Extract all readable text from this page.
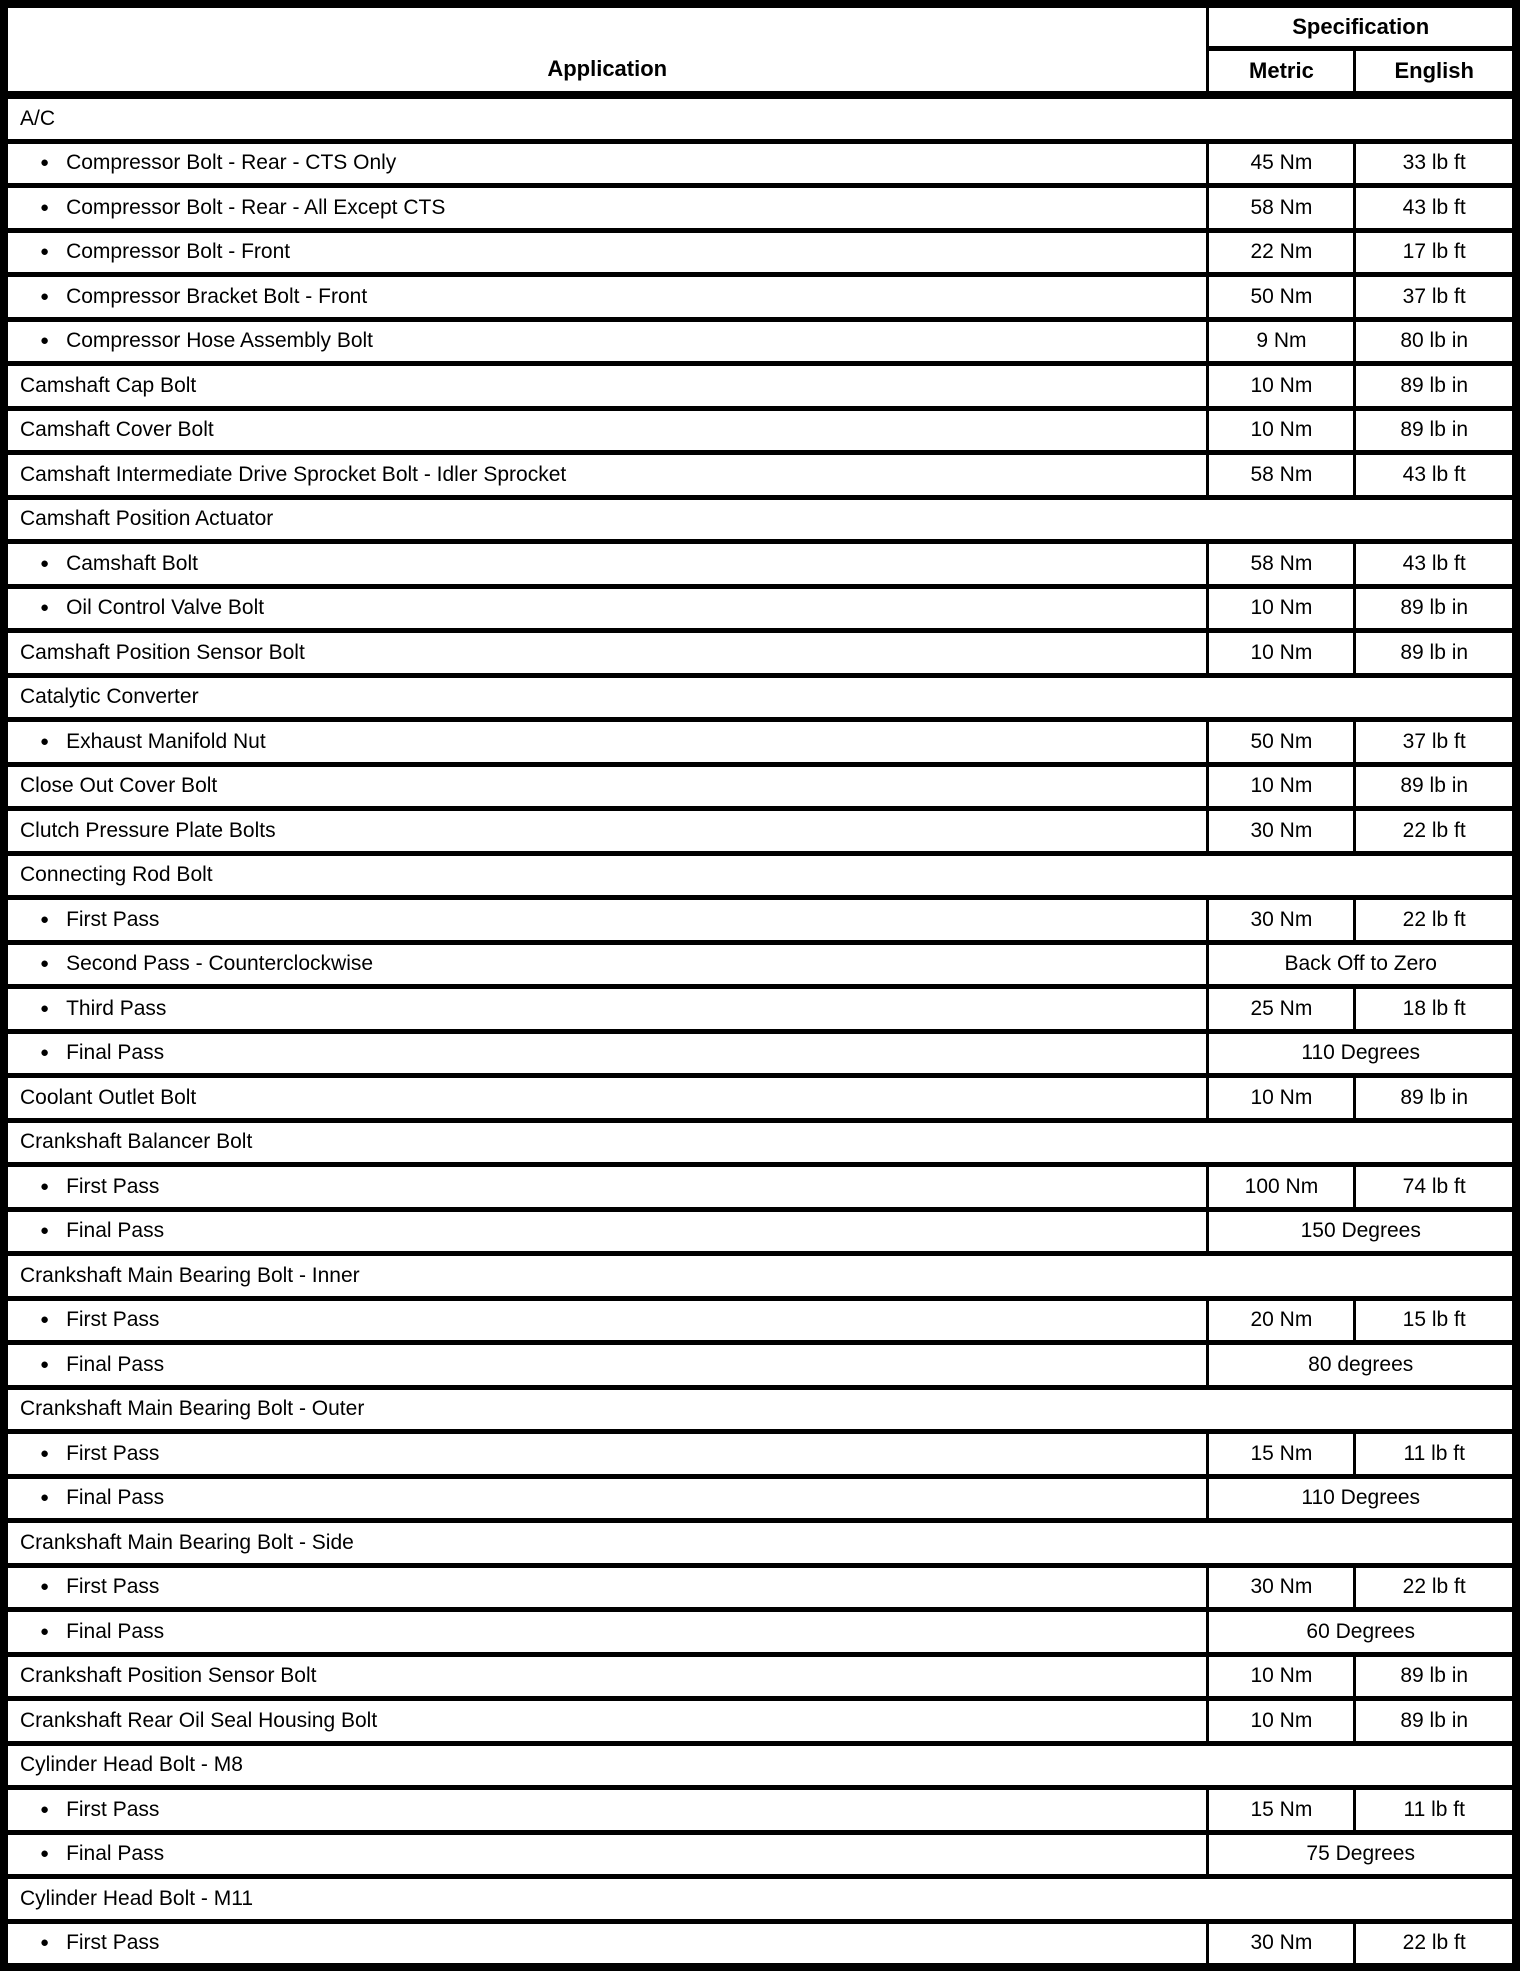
Application	Specification	
	Metric	English
A/C		
● Compressor Bolt - Rear - CTS Only	45 Nm	33 lb ft
● Compressor Bolt - Rear - All Except CTS	58 Nm	43 lb ft
● Compressor Bolt - Front	22 Nm	17 lb ft
● Compressor Bracket Bolt - Front	50 Nm	37 lb ft
● Compressor Hose Assembly Bolt	9 Nm	80 lb in
Camshaft Cap Bolt	10 Nm	89 lb in
Camshaft Cover Bolt	10 Nm	89 lb in
Camshaft Intermediate Drive Sprocket Bolt - Idler Sprocket	58 Nm	43 lb ft
Camshaft Position Actuator		
● Camshaft Bolt	58 Nm	43 lb ft
● Oil Control Valve Bolt	10 Nm	89 lb in
Camshaft Position Sensor Bolt	10 Nm	89 lb in
Catalytic Converter		
● Exhaust Manifold Nut	50 Nm	37 lb ft
Close Out Cover Bolt	10 Nm	89 lb in
Clutch Pressure Plate Bolts	30 Nm	22 lb ft
Connecting Rod Bolt		
● First Pass	30 Nm	22 lb ft
● Second Pass - Counterclockwise	Back Off to Zero	
● Third Pass	25 Nm	18 lb ft
● Final Pass	110 Degrees	
Coolant Outlet Bolt	10 Nm	89 lb in
Crankshaft Balancer Bolt		
● First Pass	100 Nm	74 lb ft
● Final Pass	150 Degrees	
Crankshaft Main Bearing Bolt - Inner		
● First Pass	20 Nm	15 lb ft
● Final Pass	80 degrees	
Crankshaft Main Bearing Bolt - Outer		
● First Pass	15 Nm	11 lb ft
● Final Pass	110 Degrees	
Crankshaft Main Bearing Bolt - Side		
● First Pass	30 Nm	22 lb ft
● Final Pass	60 Degrees	
Crankshaft Position Sensor Bolt	10 Nm	89 lb in
Crankshaft Rear Oil Seal Housing Bolt	10 Nm	89 lb in
Cylinder Head Bolt - M8		
● First Pass	15 Nm	11 lb ft
● Final Pass	75 Degrees	
Cylinder Head Bolt - M11		
● First Pass	30 Nm	22 lb ft
